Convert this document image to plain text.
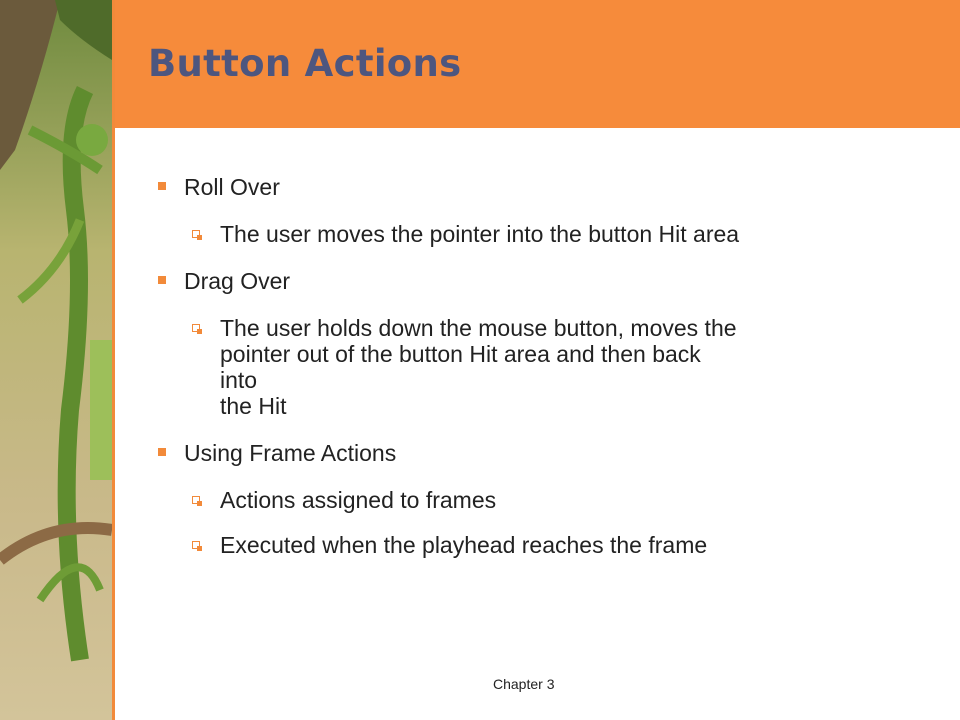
Button Actions
Roll Over
The user moves the pointer into the button Hit area
Drag Over
The user holds down the mouse button, moves the
pointer out of the button Hit area and then back
into
the Hit
Using Frame Actions
Actions assigned to frames
Executed when the playhead reaches the frame
Chapter 3
